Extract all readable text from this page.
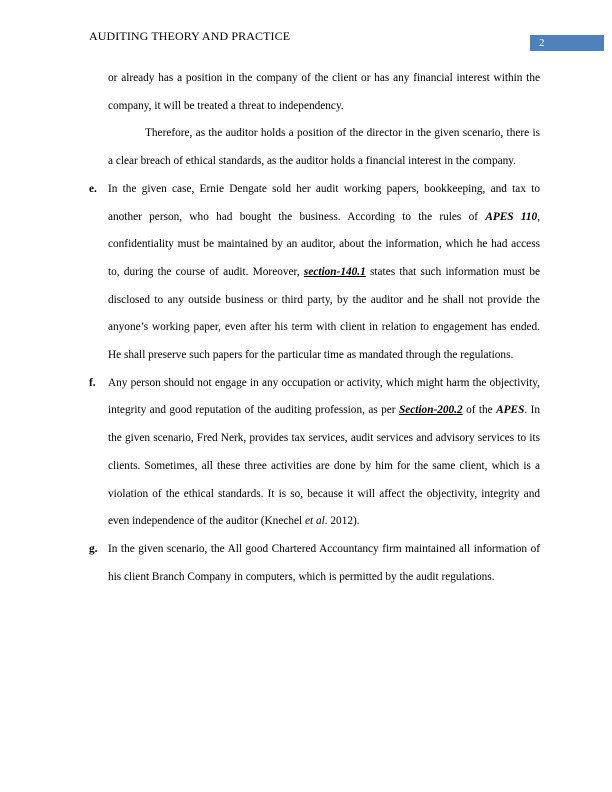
AUDITING THEORY AND PRACTICE	2

or already has a position in the company of the client or has any financial interest within the company, it will be treated a threat to independency.

Therefore, as the auditor holds a position of the director in the given scenario, there is a clear breach of ethical standards, as the auditor holds a financial interest in the company.

e. In the given case, Ernie Dengate sold her audit working papers, bookkeeping, and tax to another person, who had bought the business. According to the rules of APES 110, confidentiality must be maintained by an auditor, about the information, which he had access to, during the course of audit. Moreover, section-140.1 states that such information must be disclosed to any outside business or third party, by the auditor and he shall not provide the anyone’s working paper, even after his term with client in relation to engagement has ended. He shall preserve such papers for the particular time as mandated through the regulations.

f. Any person should not engage in any occupation or activity, which might harm the objectivity, integrity and good reputation of the auditing profession, as per Section-200.2 of the APES. In the given scenario, Fred Nerk, provides tax services, audit services and advisory services to its clients. Sometimes, all these three activities are done by him for the same client, which is a violation of the ethical standards. It is so, because it will affect the objectivity, integrity and even independence of the auditor (Knechel et al. 2012).

g. In the given scenario, the All good Chartered Accountancy firm maintained all information of his client Branch Company in computers, which is permitted by the audit regulations.
